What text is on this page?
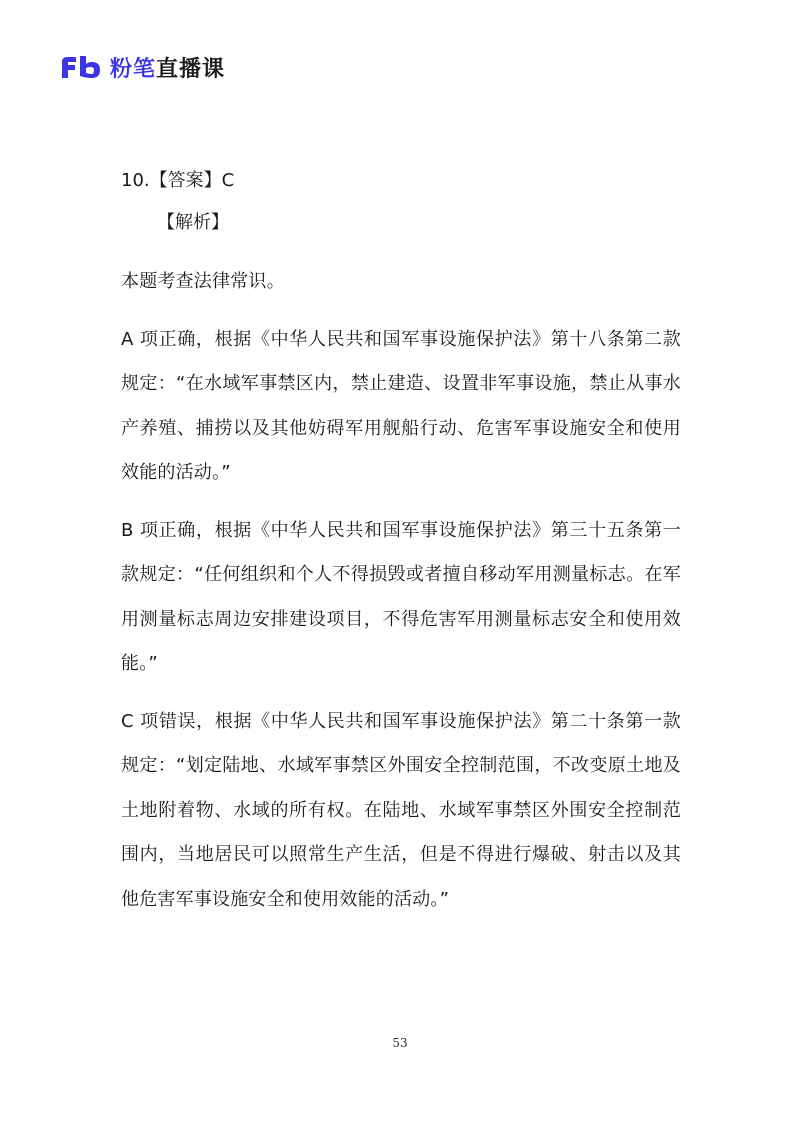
粉笔 直播课
10.【答案】C
【解析】
本题考查法律常识。
A 项正确，根据《中华人民共和国军事设施保护法》第十八条第二款规定：“在水域军事禁区内，禁止建造、设置非军事设施，禁止从事水产养殖、捕捞以及其他妨碍军用舰船行动、危害军事设施安全和使用效能的活动。”
B 项正确，根据《中华人民共和国军事设施保护法》第三十五条第一款规定：“任何组织和个人不得损毁或者擅自移动军用测量标志。在军用测量标志周边安排建设项目，不得危害军用测量标志安全和使用效能。”
C 项错误，根据《中华人民共和国军事设施保护法》第二十条第一款规定：“划定陆地、水域军事禁区外围安全控制范围，不改变原土地及土地附着物、水域的所有权。在陆地、水域军事禁区外围安全控制范围内，当地居民可以照常生产生活，但是不得进行爆破、射击以及其他危害军事设施安全和使用效能的活动。”
53
